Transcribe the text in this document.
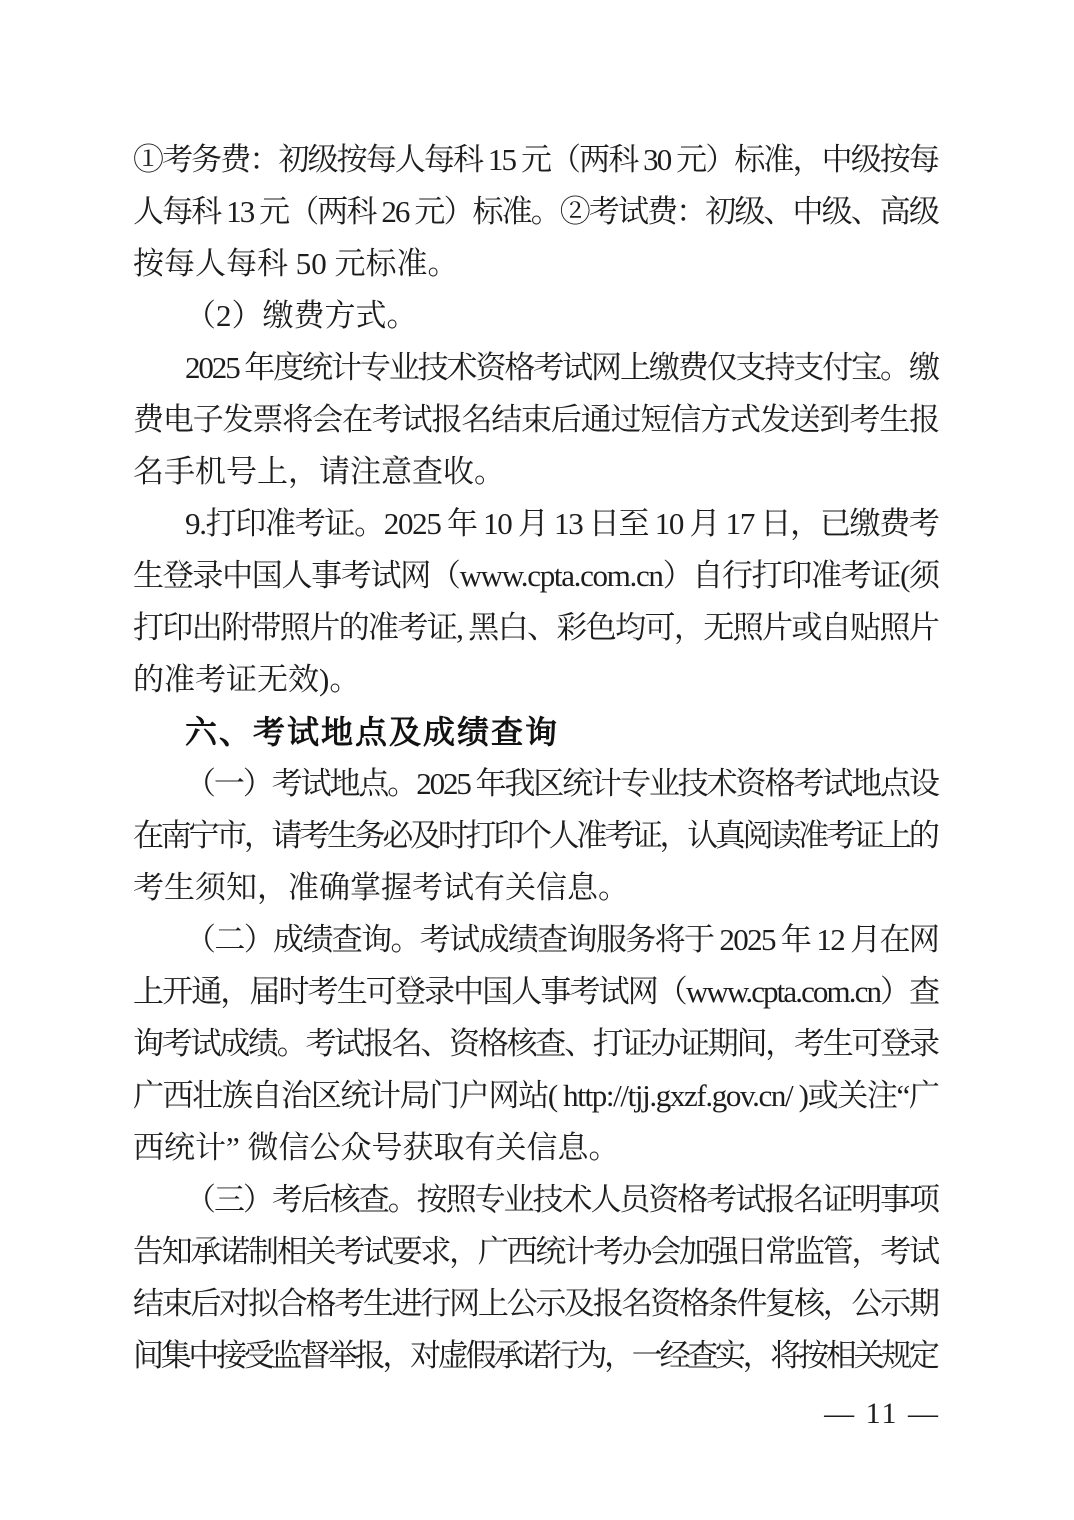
①考务费：初级按每人每科 15 元（两科 30 元）标准，中级按每
人每科 13 元（两科 26 元）标准。②考试费：初级、中级、高级
按每人每科 50 元标准。
（2）缴费方式。
2025 年度统计专业技术资格考试网上缴费仅支持支付宝。缴
费电子发票将会在考试报名结束后通过短信方式发送到考生报
名手机号上，请注意查收。
9.打印准考证。2025 年 10 月 13 日至 10 月 17 日，已缴费考
生登录中国人事考试网（www.cpta.com.cn）自行打印准考证(须
打印出附带照片的准考证, 黑白、彩色均可，无照片或自贴照片
的准考证无效)。
六、考试地点及成绩查询
（一）考试地点。2025 年我区统计专业技术资格考试地点设
在南宁市，请考生务必及时打印个人准考证，认真阅读准考证上的
考生须知，准确掌握考试有关信息。
（二）成绩查询。考试成绩查询服务将于 2025 年 12 月在网
上开通，届时考生可登录中国人事考试网（www.cpta.com.cn）查
询考试成绩。考试报名、资格核查、打证办证期间，考生可登录
广西壮族自治区统计局门户网站( http://tjj.gxzf.gov.cn/ )或关注“广
西统计” 微信公众号获取有关信息。
（三）考后核查。按照专业技术人员资格考试报名证明事项
告知承诺制相关考试要求，广西统计考办会加强日常监管，考试
结束后对拟合格考生进行网上公示及报名资格条件复核，公示期
间集中接受监督举报，对虚假承诺行为，一经查实，将按相关规定
— 11 —
